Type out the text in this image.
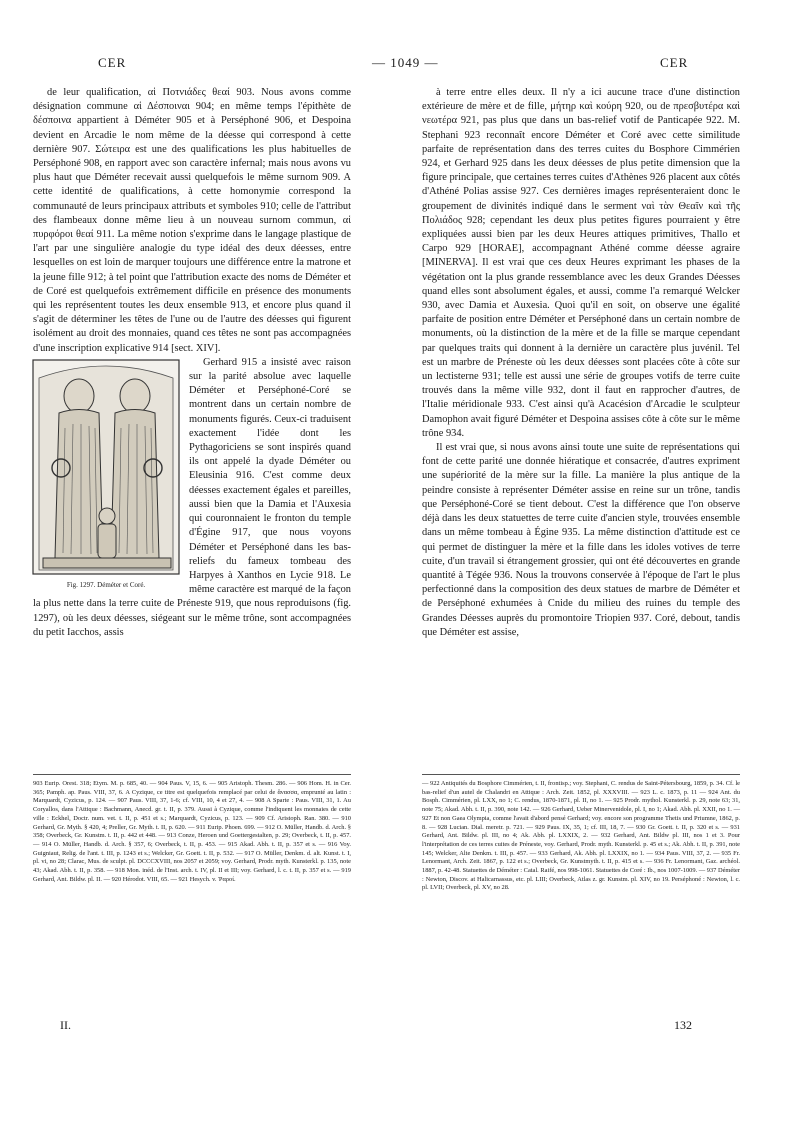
CER	— 1049 —	CER

de leur qualification, αἱ Ποτνιάδες θεαί 903. Nous avons comme désignation commune αἱ Δέσποιναι 904; en même temps l'épithète de δέσποινα appartient à Déméter 905 et à Perséphoné 906, et Despoina devient en Arcadie le nom même de la déesse qui correspond à cette dernière 907. Σώτειρα est une des qualifications les plus habituelles de Perséphoné 908, en rapport avec son caractère infernal; mais nous avons vu plus haut que Déméter recevait aussi quelquefois le même surnom 909. A cette identité de qualifications, à cette homonymie correspond la communauté de leurs principaux attributs et symboles 910; celle de l'attribut des flambeaux donne même lieu à un nouveau surnom commun, αἱ πυρφόροι θεαί 911. La même notion s'exprime dans le langage plastique de l'art par une singulière analogie du type idéal des deux déesses, entre lesquelles on est loin de marquer toujours une différence entre la matrone et la jeune fille 912; à tel point que l'attribution exacte des noms de Déméter et de Coré est quelquefois extrêmement difficile en présence des monuments qui les représentent toutes les deux ensemble 913, et encore plus quand il s'agit de déterminer les têtes de l'une ou de l'autre des déesses qui figurent isolément au droit des monnaies, quand ces têtes ne sont pas accompagnées d'une inscription explicative 914 [sect. XIV].

Fig. 1297. Déméter et Coré.

Gerhard 915 a insisté avec raison sur la parité absolue avec laquelle Déméter et Perséphoné-Coré se montrent dans un certain nombre de monuments figurés. Ceux-ci traduisent exactement l'idée dont les Pythagoriciens se sont inspirés quand ils ont appelé la dyade Déméter ou Eleusinia 916. C'est comme deux déesses exactement égales et pareilles, aussi bien que la Damia et l'Auxesia qui couronnaient le fronton du temple d'Égine 917, que nous voyons Déméter et Perséphoné dans les bas-reliefs du fameux tombeau des Harpyes à Xanthos en Lycie 918. Le même caractère est marqué de la façon la plus nette dans la terre cuite de Préneste 919, que nous reproduisons (fig. 1297), où les deux déesses, siégeant sur le même trône, sont accompagnées du petit Iacchos, assis

à terre entre elles deux. Il n'y a ici aucune trace d'une distinction extérieure de mère et de fille, μήτηρ καὶ κούρη 920, ou de πρεσβυτέρα καὶ νεωτέρα 921, pas plus que dans un bas-relief votif de Panticapée 922. M. Stephani 923 reconnaît encore Déméter et Coré avec cette similitude parfaite de représentation dans des terres cuites du Bosphore Cimmérien 924, et Gerhard 925 dans les deux déesses de plus petite dimension que la figure principale, que certaines terres cuites d'Athènes 926 placent aux côtés d'Athéné Polias assise 927. Ces dernières images représenteraient donc le groupement de divinités indiqué dans le serment ναὶ τὰν Θεαῖν καὶ τῆς Πολιάδος 928; cependant les deux plus petites figures pourraient y être expliquées aussi bien par les deux Heures attiques primitives, Thallo et Carpo 929 [HORAE], accompagnant Athéné comme déesse agraire [MINERVA]. Il est vrai que ces deux Heures exprimant les phases de la végétation ont la plus grande ressemblance avec les deux Grandes Déesses quand elles sont absolument égales, et aussi, comme l'a remarqué Welcker 930, avec Damia et Auxesia. Quoi qu'il en soit, on observe une égalité parfaite de position entre Déméter et Perséphoné dans un certain nombre de monuments, où la distinction de la mère et de la fille se marque cependant par quelques traits qui donnent à la dernière un caractère plus juvénil. Tel est un marbre de Préneste où les deux déesses sont placées côte à côte sur un lectisterne 931; telle est aussi une série de groupes votifs de terre cuite trouvés dans la même ville 932, dont il faut en rapprocher d'autres, de l'Italie méridionale 933. C'est ainsi qu'à Acacésion d'Arcadie le sculpteur Damophon avait figuré Déméter et Despoina assises côte à côte sur le même trône 934.

Il est vrai que, si nous avons ainsi toute une suite de représentations qui font de cette parité une donnée hiératique et consacrée, d'autres expriment une supériorité de la mère sur la fille. La manière la plus antique de la peindre consiste à représenter Déméter assise en reine sur un trône, tandis que Perséphoné-Coré se tient debout. C'est la différence que l'on observe déjà dans les deux statuettes de terre cuite d'ancien style, trouvées ensemble dans un même tombeau à Égine 935. La même distinction d'attitude est ce qui permet de distinguer la mère et la fille dans les idoles votives de terre cuite, d'un travail si étrangement grossier, qui ont été découvertes en grande quantité à Tégée 936. Nous la trouvons conservée à l'époque de l'art le plus perfectionné dans la composition des deux statues de marbre de Déméter et de Perséphoné exhumées à Cnide du milieu des ruines du temple des Grandes Déesses auprès du promontoire Triopien 937. Coré, debout, tandis que Déméter est assise,

903 Eurip. Orest. 318; Etym. M. p. 685, 40. — 904 Paus. V, 15, 6. — 905 Aristoph. Thesm. 286. — 906 Hom. H. in Cer. 365; Pamph. ap. Paus. VIII, 37, 6. A Cyzique, ce titre est quelquefois remplacé par celui de ἄνασσα, emprunté au latin : Marquardt, Cyzicus, p. 124. — 907 Paus. VIII, 37, 1-6; cf. VIII, 10, 4 et 27, 4. — 908 A Sparte : Paus. VIII, 31, 1. Au Coryallos, dans l'Attique : Bachmann, Anecd. gr. t. II, p. 379. Aussi à Cyzique, comme l'indiquent les monnaies de cette ville : Eckhel, Doctr. num. vet. t. II, p. 451 et s.; Marquardt, Cyzicus, p. 123. — 909 Cf. Aristoph. Ran. 380. — 910 Gerhard, Gr. Myth. § 420, 4; Preller, Gr. Myth. t. II, p. 620. — 911 Eurip. Phoen. 699. — 912 O. Müller, Handb. d. Arch. § 358; Overbeck, Gr. Kunstm. t. II, p. 442 et 448. — 913 Conze, Heroen und Goettergestalten, p. 29; Overbeck, t. II, p. 457. — 914 O. Müller, Handb. d. Arch. § 357, 6; Overbeck, t. II, p. 453. — 915 Akad. Abh. t. II, p. 357 et s. — 916 Voy. Guigniaut, Relig. de l'ant. t. III, p. 1243 et s.; Welcker, Gr. Goett. t. II, p. 532. — 917 O. Müller, Denkm. d. alt. Kunst. t. I, pl. vi, no 28; Clarac, Mus. de sculpt. pl. DCCCXVIII, nos 2057 et 2059; voy. Gerhard, Prodr. myth. Kunsterkl. p. 135, note 43; Akad. Abh. t. II, p. 358. — 918 Mon. inéd. de l'Inst. arch. t. IV, pl. II et III; voy. Gerhard, l. c. t. II, p. 357 et s. — 919 Gerhard, Ant. Bildw. pl. II. — 920 Hérodot. VIII, 65. — 921 Hesych. v. Ῥαροί.
— 922 Antiquités du Bosphore Cimmérien, t. II, frontisp.; voy. Stephani, C. rendus de Saint-Pétersbourg, 1859, p. 34. Cf. le bas-relief d'un autel de Chalandri en Attique : Arch. Zeit. 1852, pl. XXXVIII. — 923 L. c. 1873, p. 11 — 924 Ant. du Bosph. Cimmérien, pl. LXX, no 1; C. rendus, 1870-1871, pl. II, no 1. — 925 Prodr. mythol. Kunsterkl. p. 29, note 63; 31, note 75; Akad. Abh. t. II, p. 390, note 142. — 926 Gerhard, Ueber Minervenidole, pl. I, no 1; Akad. Abh. pl. XXII, no 1. — 927 Et non Gaea Olympia, comme l'avait d'abord pensé Gerhard; voy. encore son programme Thetis und Priumne, 1862, p. 8. — 928 Lucian. Dial. meretr. p. 721. — 929 Paus. IX, 35, 1; cf. III, 18, 7. — 930 Gr. Goett. t. II, p. 320 et s. — 931 Gerhard, Ant. Bildw. pl. III, no 4; Ak. Abh. pl. LXXIX, 2. — 932 Gerhard, Ant. Bildw pl. III, nos 1 et 3. Pour l'interprétation de ces terres cuites de Préneste, voy. Gerhard, Prodr. myth. Kunsterkl. p. 45 et s.; Ak. Abh. t. II, p. 391, note 145; Welcker, Alte Denkm. t. III, p. 457. — 933 Gerhard, Ak. Abh. pl. LXXIX, no 1. — 934 Paus. VIII, 37, 2. — 935 Fr. Lenormant, Arch. Zeit. 1867, p. 122 et s.; Overbeck, Gr. Kunstmyth. t. II, p. 415 et s. — 936 Fr. Lenormant, Gaz. archéol. 1887, p. 42-48. Statuettes de Déméter : Catal. Raifé, nos 998-1061. Statuettes de Coré : Ib., nos 1007-1009. — 937 Déméter : Newton, Discov. at Halicarnassus, etc. pl. LIII; Overbeck, Atlas z. gr. Kunstm. pl. XIV, no 19. Perséphoné : Newton, l. c. pl. LVII; Overbeck, pl. XV, no 28.
II.	132
